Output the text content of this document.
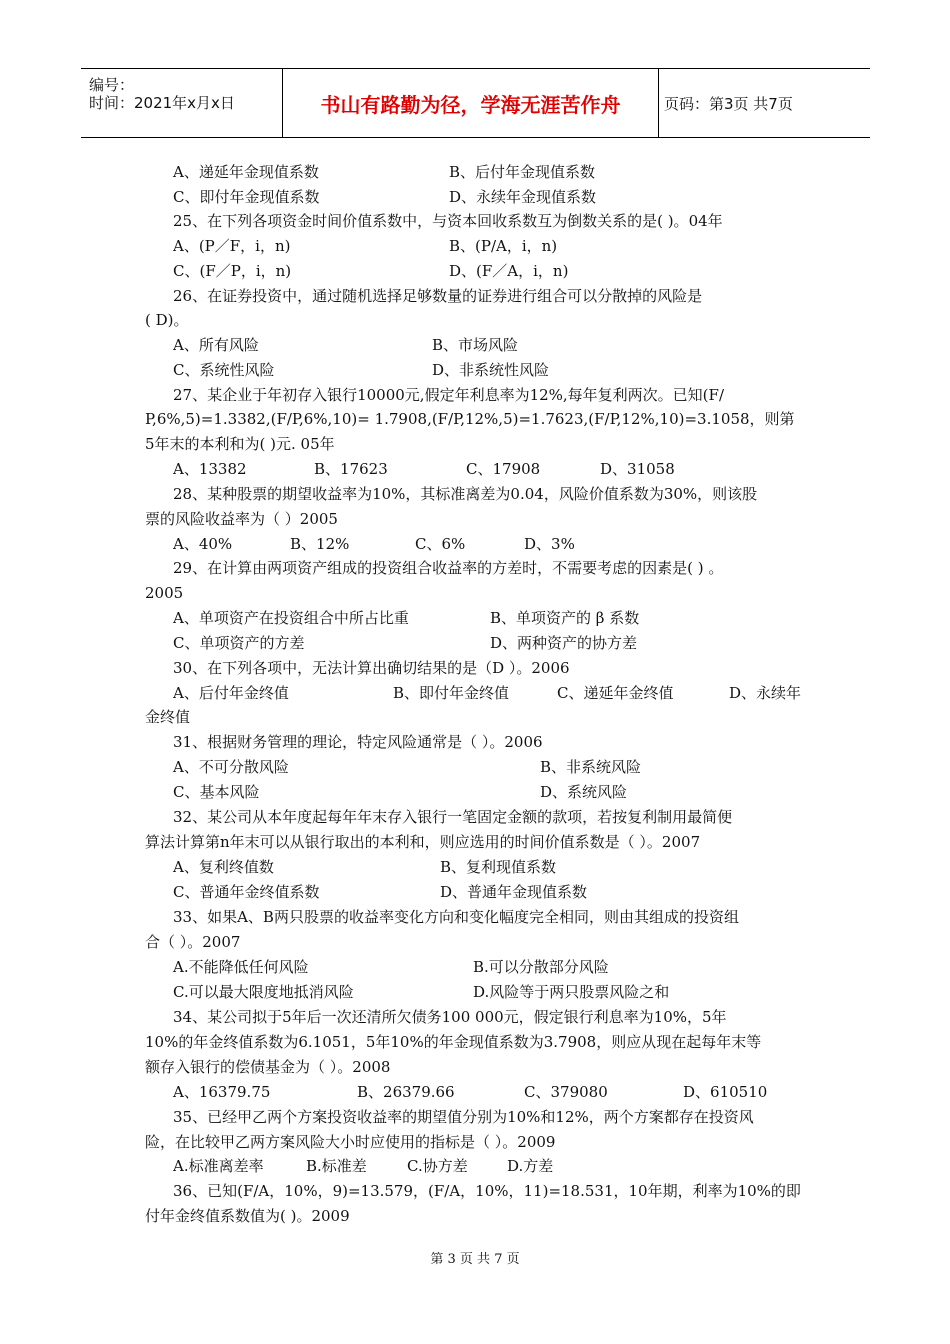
编号：
时间：2021年x月x日	书山有路勤为径，学海无涯苦作舟	页码：第3页 共7页
A、递延年金现值系数	B、后付年金现值系数
C、即付年金现值系数	D、永续年金现值系数
25、在下列各项资金时间价值系数中，与资本回收系数互为倒数关系的是( )。04年
A、(P／F，i，n)	B、(P/A，i，n)
C、(F／P，i，n)	D、(F／A，i，n)
26、在证券投资中，通过随机选择足够数量的证券进行组合可以分散掉的风险是
( D)。
A、所有风险	B、市场风险
C、系统性风险	D、非系统性风险
27、某企业于年初存入银行10000元,假定年利息率为12%,每年复利两次。已知(F/
P,6%,5)=1.3382,(F/P,6%,10)= 1.7908,(F/P,12%,5)=1.7623,(F/P,12%,10)=3.1058，则第
5年末的本利和为( )元. 05年
A、13382	B、17623	C、17908	D、31058
28、某种股票的期望收益率为10%，其标准离差为0.04，风险价值系数为30%，则该股
票的风险收益率为（ ）2005
A、40%	B、12%	C、6%	D、3%
29、在计算由两项资产组成的投资组合收益率的方差时，不需要考虑的因素是( ) 。
2005
A、单项资产在投资组合中所占比重	B、单项资产的 β 系数
C、单项资产的方差	D、两种资产的协方差
30、在下列各项中，无法计算出确切结果的是（D ）。2006
A、后付年金终值	B、即付年金终值	C、递延年金终值	D、永续年
金终值
31、根据财务管理的理论，特定风险通常是（ ）。2006
A、不可分散风险	B、非系统风险
C、基本风险	D、系统风险
32、某公司从本年度起每年年末存入银行一笔固定金额的款项，若按复利制用最简便
算法计算第n年末可以从银行取出的本利和，则应选用的时间价值系数是（ ）。2007
A、复利终值数	B、复利现值系数
C、普通年金终值系数	D、普通年金现值系数
33、如果A、B两只股票的收益率变化方向和变化幅度完全相同，则由其组成的投资组
合（ ）。2007
A.不能降低任何风险	B.可以分散部分风险
C.可以最大限度地抵消风险	D.风险等于两只股票风险之和
34、某公司拟于5年后一次还清所欠债务100 000元，假定银行利息率为10%，5年
10%的年金终值系数为6.1051，5年10%的年金现值系数为3.7908，则应从现在起每年末等
额存入银行的偿债基金为（ ）。2008
A、16379.75	B、26379.66	C、379080	D、610510
35、已经甲乙两个方案投资收益率的期望值分别为10%和12%，两个方案都存在投资风
险，在比较甲乙两方案风险大小时应使用的指标是（ ）。2009
A.标准离差率	B.标准差	C.协方差	D.方差
36、已知(F/A，10%，9)=13.579，(F/A，10%，11)=18.531，10年期，利率为10%的即
付年金终值系数值为( )。2009
第 3 页 共 7 页
